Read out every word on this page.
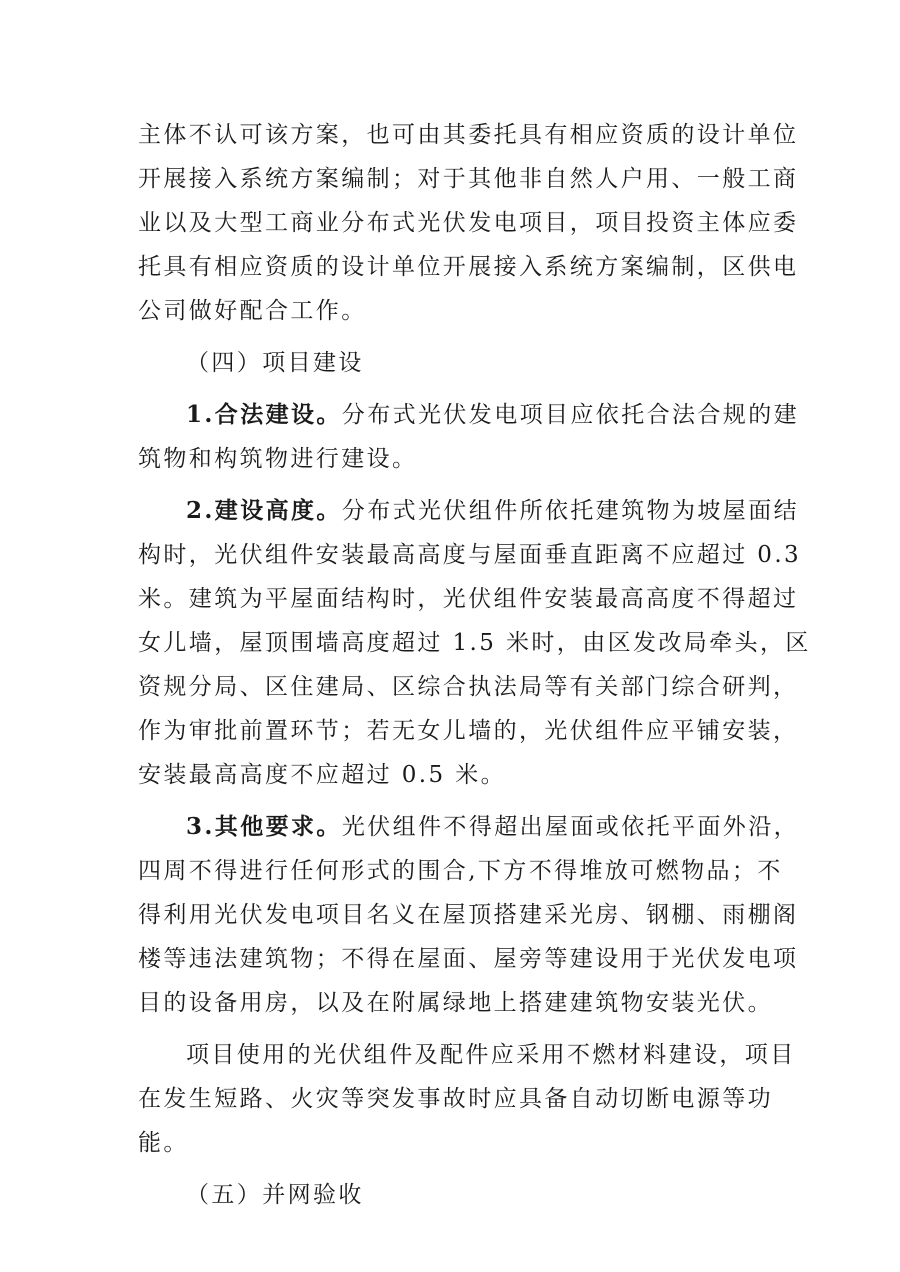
主体不认可该方案，也可由其委托具有相应资质的设计单位
开展接入系统方案编制；对于其他非自然人户用、一般工商
业以及大型工商业分布式光伏发电项目，项目投资主体应委
托具有相应资质的设计单位开展接入系统方案编制，区供电
公司做好配合工作。
（四）项目建设
1.合法建设。分布式光伏发电项目应依托合法合规的建
筑物和构筑物进行建设。
2.建设高度。分布式光伏组件所依托建筑物为坡屋面结
构时，光伏组件安装最高高度与屋面垂直距离不应超过 0.3
米。建筑为平屋面结构时，光伏组件安装最高高度不得超过
女儿墙，屋顶围墙高度超过 1.5 米时，由区发改局牵头，区
资规分局、区住建局、区综合执法局等有关部门综合研判，
作为审批前置环节；若无女儿墙的，光伏组件应平铺安装，
安装最高高度不应超过 0.5 米。
3.其他要求。光伏组件不得超出屋面或依托平面外沿，
四周不得进行任何形式的围合,下方不得堆放可燃物品；不
得利用光伏发电项目名义在屋顶搭建采光房、钢棚、雨棚阁
楼等违法建筑物；不得在屋面、屋旁等建设用于光伏发电项
目的设备用房，以及在附属绿地上搭建建筑物安装光伏。
项目使用的光伏组件及配件应采用不燃材料建设，项目
在发生短路、火灾等突发事故时应具备自动切断电源等功
能。
（五）并网验收
